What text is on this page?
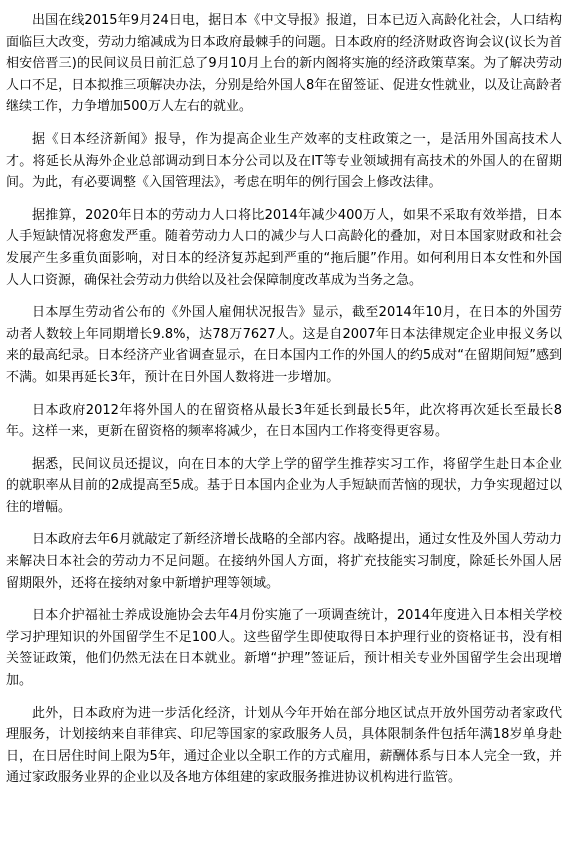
出国在线2015年9月24日电，据日本《中文导报》报道，日本已迈入高龄化社会，人口结构面临巨大改变，劳动力缩减成为日本政府最棘手的问题。日本政府的经济财政咨询会议(议长为首相安倍晋三)的民间议员日前汇总了9月10月上台的新内阁将实施的经济政策草案。为了解决劳动人口不足，日本拟推三项解决办法，分别是给外国人8年在留签证、促进女性就业，以及让高龄者继续工作，力争增加500万人左右的就业。

据《日本经济新闻》报导，作为提高企业生产效率的支柱政策之一，是活用外国高技术人才。将延长从海外企业总部调动到日本分公司以及在IT等专业领域拥有高技术的外国人的在留期间。为此，有必要调整《入国管理法》，考虑在明年的例行国会上修改法律。

据推算，2020年日本的劳动力人口将比2014年减少400万人，如果不采取有效举措，日本人手短缺情况将愈发严重。随着劳动力人口的减少与人口高龄化的叠加，对日本国家财政和社会发展产生多重负面影响，对日本的经济复苏起到严重的“拖后腿”作用。如何利用日本女性和外国人人口资源，确保社会劳动力供给以及社会保障制度改革成为当务之急。

日本厚生劳动省公布的《外国人雇佣状况报告》显示，截至2014年10月，在日本的外国劳动者人数较上年同期增长9.8%，达78万7627人。这是自2007年日本法律规定企业申报义务以来的最高纪录。日本经济产业省调查显示，在日本国内工作的外国人的约5成对“在留期间短”感到不满。如果再延长3年，预计在日外国人数将进一步增加。

日本政府2012年将外国人的在留资格从最长3年延长到最长5年，此次将再次延长至最长8年。这样一来，更新在留资格的频率将减少，在日本国内工作将变得更容易。

据悉，民间议员还提议，向在日本的大学上学的留学生推荐实习工作，将留学生赴日本企业的就职率从目前的2成提高至5成。基于日本国内企业为人手短缺而苦恼的现状，力争实现超过以往的增幅。

日本政府去年6月就敲定了新经济增长战略的全部内容。战略提出，通过女性及外国人劳动力来解决日本社会的劳动力不足问题。在接纳外国人方面，将扩充技能实习制度，除延长外国人居留期限外，还将在接纳对象中新增护理等领域。

日本介护福祉士养成设施协会去年4月份实施了一项调查统计，2014年度进入日本相关学校学习护理知识的外国留学生不足100人。这些留学生即使取得日本护理行业的资格证书，没有相关签证政策，他们仍然无法在日本就业。新增“护理”签证后，预计相关专业外国留学生会出现增加。

此外，日本政府为进一步活化经济，计划从今年开始在部分地区试点开放外国劳动者家政代理服务，计划接纳来自菲律宾、印尼等国家的家政服务人员，具体限制条件包括年满18岁单身赴日，在日居住时间上限为5年，通过企业以全职工作的方式雇用，薪酬体系与日本人完全一致，并通过家政服务业界的企业以及各地方体组建的家政服务推进协议机构进行监管。
